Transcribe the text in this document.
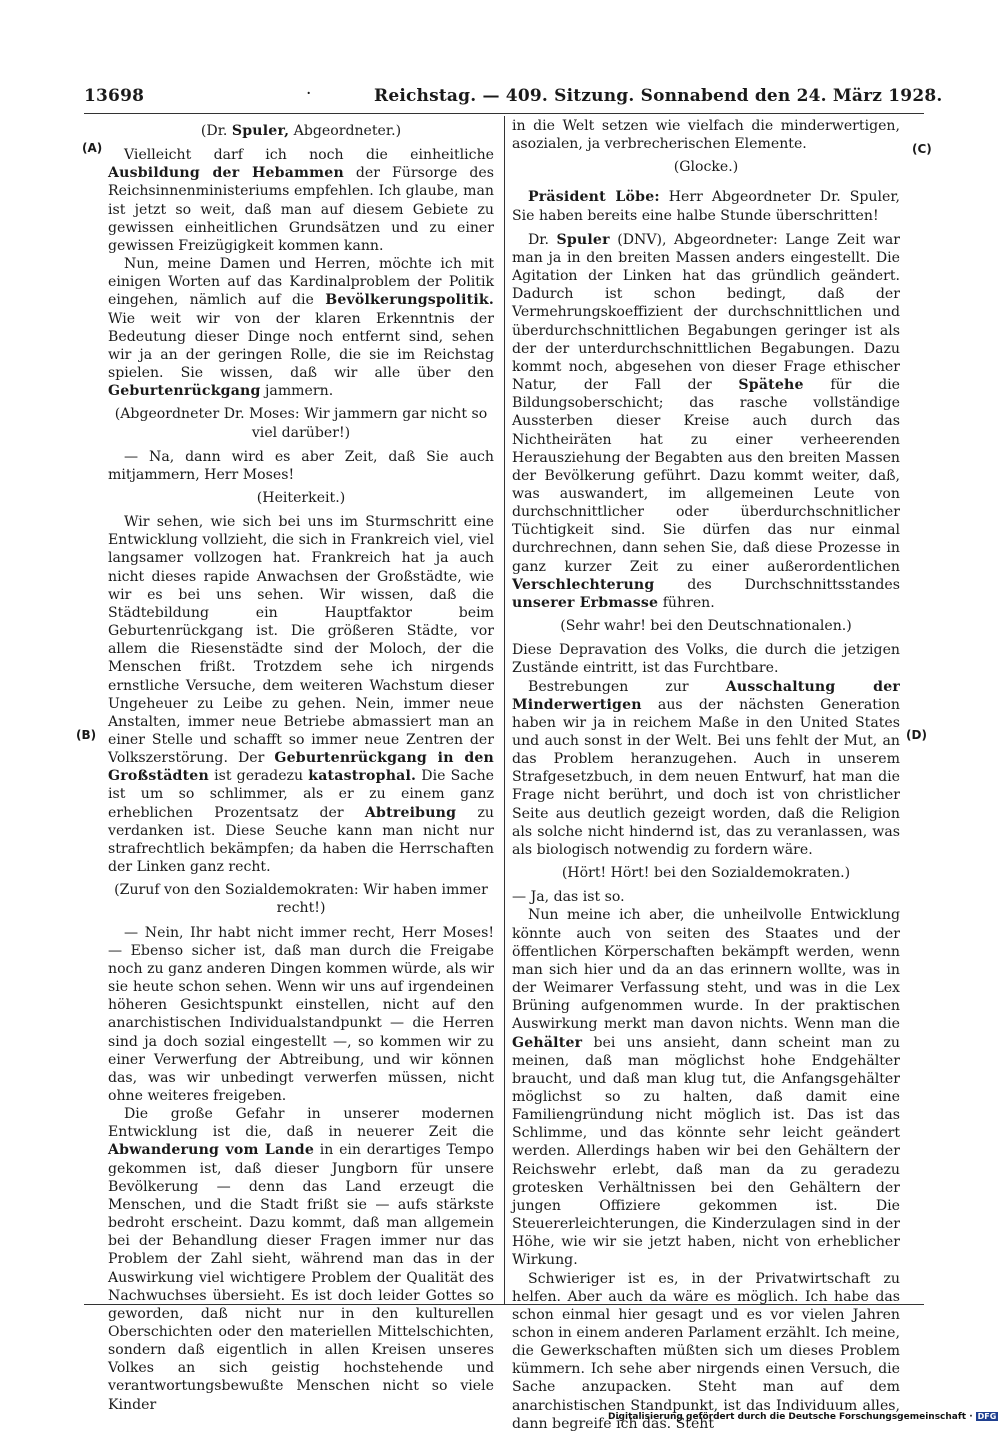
13698	·	Reichstag. — 409. Sitzung. Sonnabend den 24. März 1928.
(A)
(B)
(C)
(D)

(Dr. Spuler, Abgeordneter.)

Vielleicht darf ich noch die einheitliche Ausbildung der Hebammen der Fürsorge des Reichsinnenministeriums empfehlen. Ich glaube, man ist jetzt so weit, daß man auf diesem Gebiete zu gewissen einheitlichen Grundsätzen und zu einer gewissen Freizügigkeit kommen kann.

Nun, meine Damen und Herren, möchte ich mit einigen Worten auf das Kardinalproblem der Politik eingehen, nämlich auf die Bevölkerungspolitik. Wie weit wir von der klaren Erkenntnis der Bedeutung dieser Dinge noch entfernt sind, sehen wir ja an der geringen Rolle, die sie im Reichstag spielen. Sie wissen, daß wir alle über den Geburtenrückgang jammern.

(Abgeordneter Dr. Moses: Wir jammern gar nicht so viel darüber!)

— Na, dann wird es aber Zeit, daß Sie auch mitjammern, Herr Moses!

(Heiterkeit.)

Wir sehen, wie sich bei uns im Sturmschritt eine Entwicklung vollzieht, die sich in Frankreich viel, viel langsamer vollzogen hat. Frankreich hat ja auch nicht dieses rapide Anwachsen der Großstädte, wie wir es bei uns sehen. Wir wissen, daß die Städtebildung ein Hauptfaktor beim Geburtenrückgang ist. Die größeren Städte, vor allem die Riesenstädte sind der Moloch, der die Menschen frißt. Trotzdem sehe ich nirgends ernstliche Versuche, dem weiteren Wachstum dieser Ungeheuer zu Leibe zu gehen. Nein, immer neue Anstalten, immer neue Betriebe abmassiert man an einer Stelle und schafft so immer neue Zentren der Volkszerstörung. Der Geburtenrückgang in den Großstädten ist geradezu katastrophal. Die Sache ist um so schlimmer, als er zu einem ganz erheblichen Prozentsatz der Abtreibung zu verdanken ist. Diese Seuche kann man nicht nur strafrechtlich bekämpfen; da haben die Herrschaften der Linken ganz recht.

(Zuruf von den Sozialdemokraten: Wir haben immer recht!)

— Nein, Ihr habt nicht immer recht, Herr Moses! — Ebenso sicher ist, daß man durch die Freigabe noch zu ganz anderen Dingen kommen würde, als wir sie heute schon sehen. Wenn wir uns auf irgendeinen höheren Gesichtspunkt einstellen, nicht auf den anarchistischen Individualstandpunkt — die Herren sind ja doch sozial eingestellt —, so kommen wir zu einer Verwerfung der Abtreibung, und wir können das, was wir unbedingt verwerfen müssen, nicht ohne weiteres freigeben.

Die große Gefahr in unserer modernen Entwicklung ist die, daß in neuerer Zeit die Abwanderung vom Lande in ein derartiges Tempo gekommen ist, daß dieser Jungborn für unsere Bevölkerung — denn das Land erzeugt die Menschen, und die Stadt frißt sie — aufs stärkste bedroht erscheint. Dazu kommt, daß man allgemein bei der Behandlung dieser Fragen immer nur das Problem der Zahl sieht, während man das in der Auswirkung viel wichtigere Problem der Qualität des Nachwuchses übersieht. Es ist doch leider Gottes so geworden, daß nicht nur in den kulturellen Oberschichten oder den materiellen Mittelschichten, sondern daß eigentlich in allen Kreisen unseres Volkes an sich geistig hochstehende und verantwortungsbewußte Menschen nicht so viele Kinder

in die Welt setzen wie vielfach die minderwertigen, asozialen, ja verbrecherischen Elemente.

(Glocke.)

Präsident Löbe: Herr Abgeordneter Dr. Spuler, Sie haben bereits eine halbe Stunde überschritten!

Dr. Spuler (DNV), Abgeordneter: Lange Zeit war man ja in den breiten Massen anders eingestellt. Die Agitation der Linken hat das gründlich geändert. Dadurch ist schon bedingt, daß der Vermehrungskoeffizient der durchschnittlichen und überdurchschnittlichen Begabungen geringer ist als der der unterdurchschnittlichen Begabungen. Dazu kommt noch, abgesehen von dieser Frage ethischer Natur, der Fall der Spätehe für die Bildungsoberschicht; das rasche vollständige Aussterben dieser Kreise auch durch das Nichtheiräten hat zu einer verheerenden Herausziehung der Begabten aus den breiten Massen der Bevölkerung geführt. Dazu kommt weiter, daß, was auswandert, im allgemeinen Leute von durchschnittlicher oder überdurchschnitlicher Tüchtigkeit sind. Sie dürfen das nur einmal durchrechnen, dann sehen Sie, daß diese Prozesse in ganz kurzer Zeit zu einer außerordentlichen Verschlechterung des Durchschnittsstandes unserer Erbmasse führen.

(Sehr wahr! bei den Deutschnationalen.)

Diese Depravation des Volks, die durch die jetzigen Zustände eintritt, ist das Furchtbare.

Bestrebungen zur Ausschaltung der Minderwertigen aus der nächsten Generation haben wir ja in reichem Maße in den United States und auch sonst in der Welt. Bei uns fehlt der Mut, an das Problem heranzugehen. Auch in unserem Strafgesetzbuch, in dem neuen Entwurf, hat man die Frage nicht berührt, und doch ist von christlicher Seite aus deutlich gezeigt worden, daß die Religion als solche nicht hindernd ist, das zu veranlassen, was als biologisch notwendig zu fordern wäre.

(Hört! Hört! bei den Sozialdemokraten.)

— Ja, das ist so.

Nun meine ich aber, die unheilvolle Entwicklung könnte auch von seiten des Staates und der öffentlichen Körperschaften bekämpft werden, wenn man sich hier und da an das erinnern wollte, was in der Weimarer Verfassung steht, und was in die Lex Brüning aufgenommen wurde. In der praktischen Auswirkung merkt man davon nichts. Wenn man die Gehälter bei uns ansieht, dann scheint man zu meinen, daß man möglichst hohe Endgehälter braucht, und daß man klug tut, die Anfangsgehälter möglichst so zu halten, daß damit eine Familiengründung nicht möglich ist. Das ist das Schlimme, und das könnte sehr leicht geändert werden. Allerdings haben wir bei den Gehältern der Reichswehr erlebt, daß man da zu geradezu grotesken Verhältnissen bei den Gehältern der jungen Offiziere gekommen ist. Die Steuererleichterungen, die Kinderzulagen sind in der Höhe, wie wir sie jetzt haben, nicht von erheblicher Wirkung.

Schwieriger ist es, in der Privatwirtschaft zu helfen. Aber auch da wäre es möglich. Ich habe das schon einmal hier gesagt und es vor vielen Jahren schon in einem anderen Parlament erzählt. Ich meine, die Gewerkschaften müßten sich um dieses Problem kümmern. Ich sehe aber nirgends einen Versuch, die Sache anzupacken. Steht man auf dem anarchistischen Standpunkt, ist das Individuum alles, dann begreife ich das. Steht

Digitalisierung gefördert durch die Deutsche Forschungsgemeinschaft · DFG
